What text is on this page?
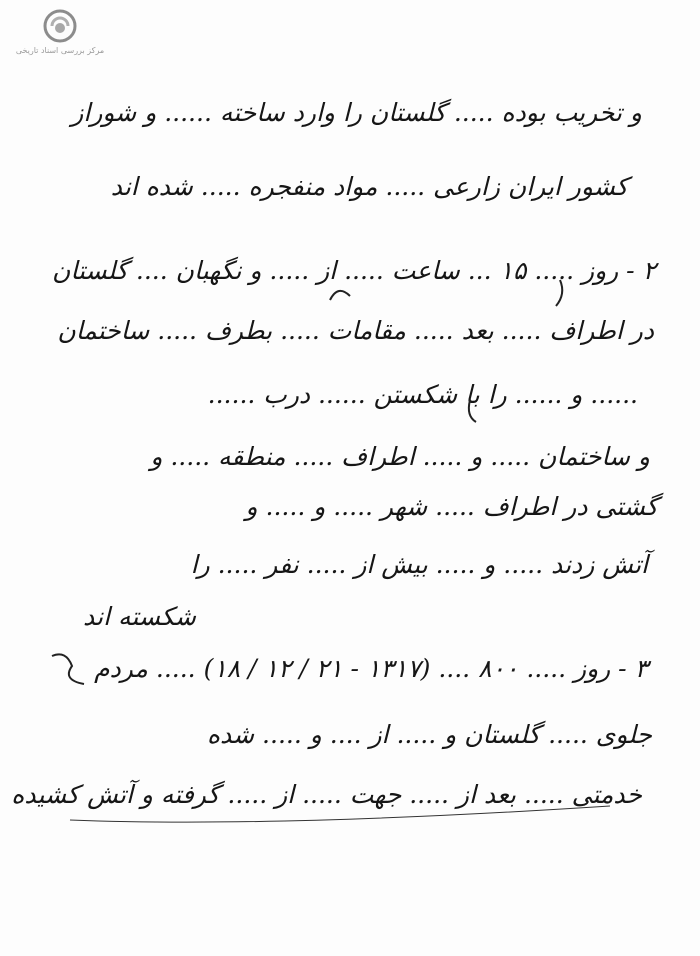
مرکز بررسی اسناد تاریخی
و تخریب بوده ..... گلستان را وارد ساخته ...... و شوراز
کشور ایران زارعی ..... مواد منفجره ..... شده اند
۲ - روز ..... ۱۵ ... ساعت ..... از ..... و نگهبان .... گلستان
در اطراف ..... بعد ..... مقامات ..... بطرف ..... ساختمان
...... و ...... را با شکستن ...... درب ......
و ساختمان ..... و ..... اطراف ..... منطقه ..... و
گشتی در اطراف ..... شهر ..... و ..... و
آتش زدند ..... و ..... بیش از ..... نفر ..... را
شکسته اند
۳ - روز ..... ۸۰۰ .... (۱۳۱۷ - ۲۱ / ۱۲ / ۱۸) ..... مردم
جلوی ..... گلستان و ..... از .... و ..... شده
خدمتی ..... بعد از ..... جهت ..... از ..... گرفته و آتش کشیده
